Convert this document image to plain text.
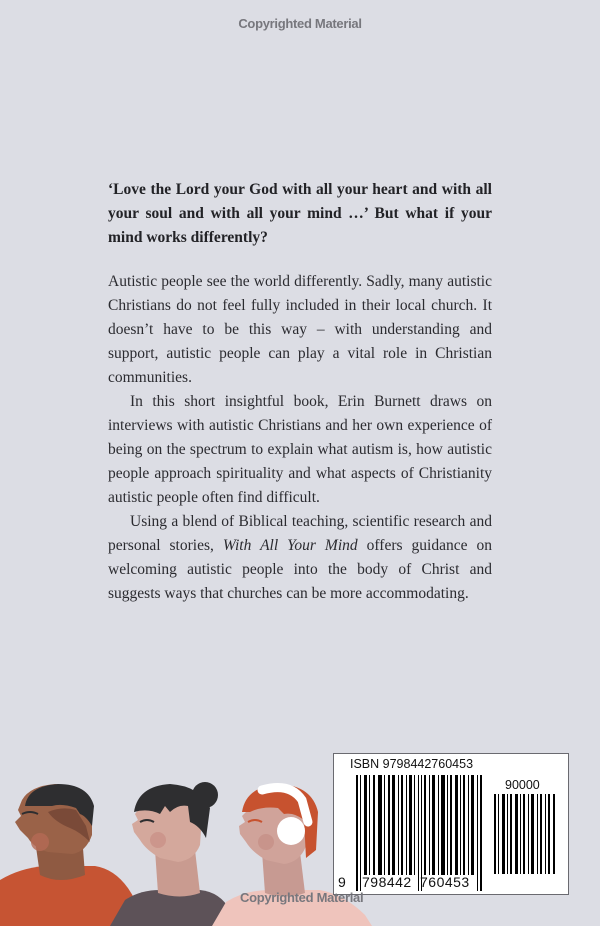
Copyrighted Material

‘Love the Lord your God with all your heart and with all your soul and with all your mind …’ But what if your mind works differently?

Autistic people see the world differently. Sadly, many autistic Christians do not feel fully included in their local church. It doesn’t have to be this way – with understanding and support, autistic people can play a vital role in Christian communities.

In this short insightful book, Erin Burnett draws on interviews with autistic Christians and her own experience of being on the spectrum to explain what autism is, how autistic people approach spirituality and what aspects of Christianity autistic people often find difficult.

Using a blend of Biblical teaching, scientific research and personal stories, With All Your Mind offers guidance on welcoming autistic people into the body of Christ and suggests ways that churches can be more accommodating.

ISBN 9798442760453
90000
9 798442 760453
Copyrighted Material
